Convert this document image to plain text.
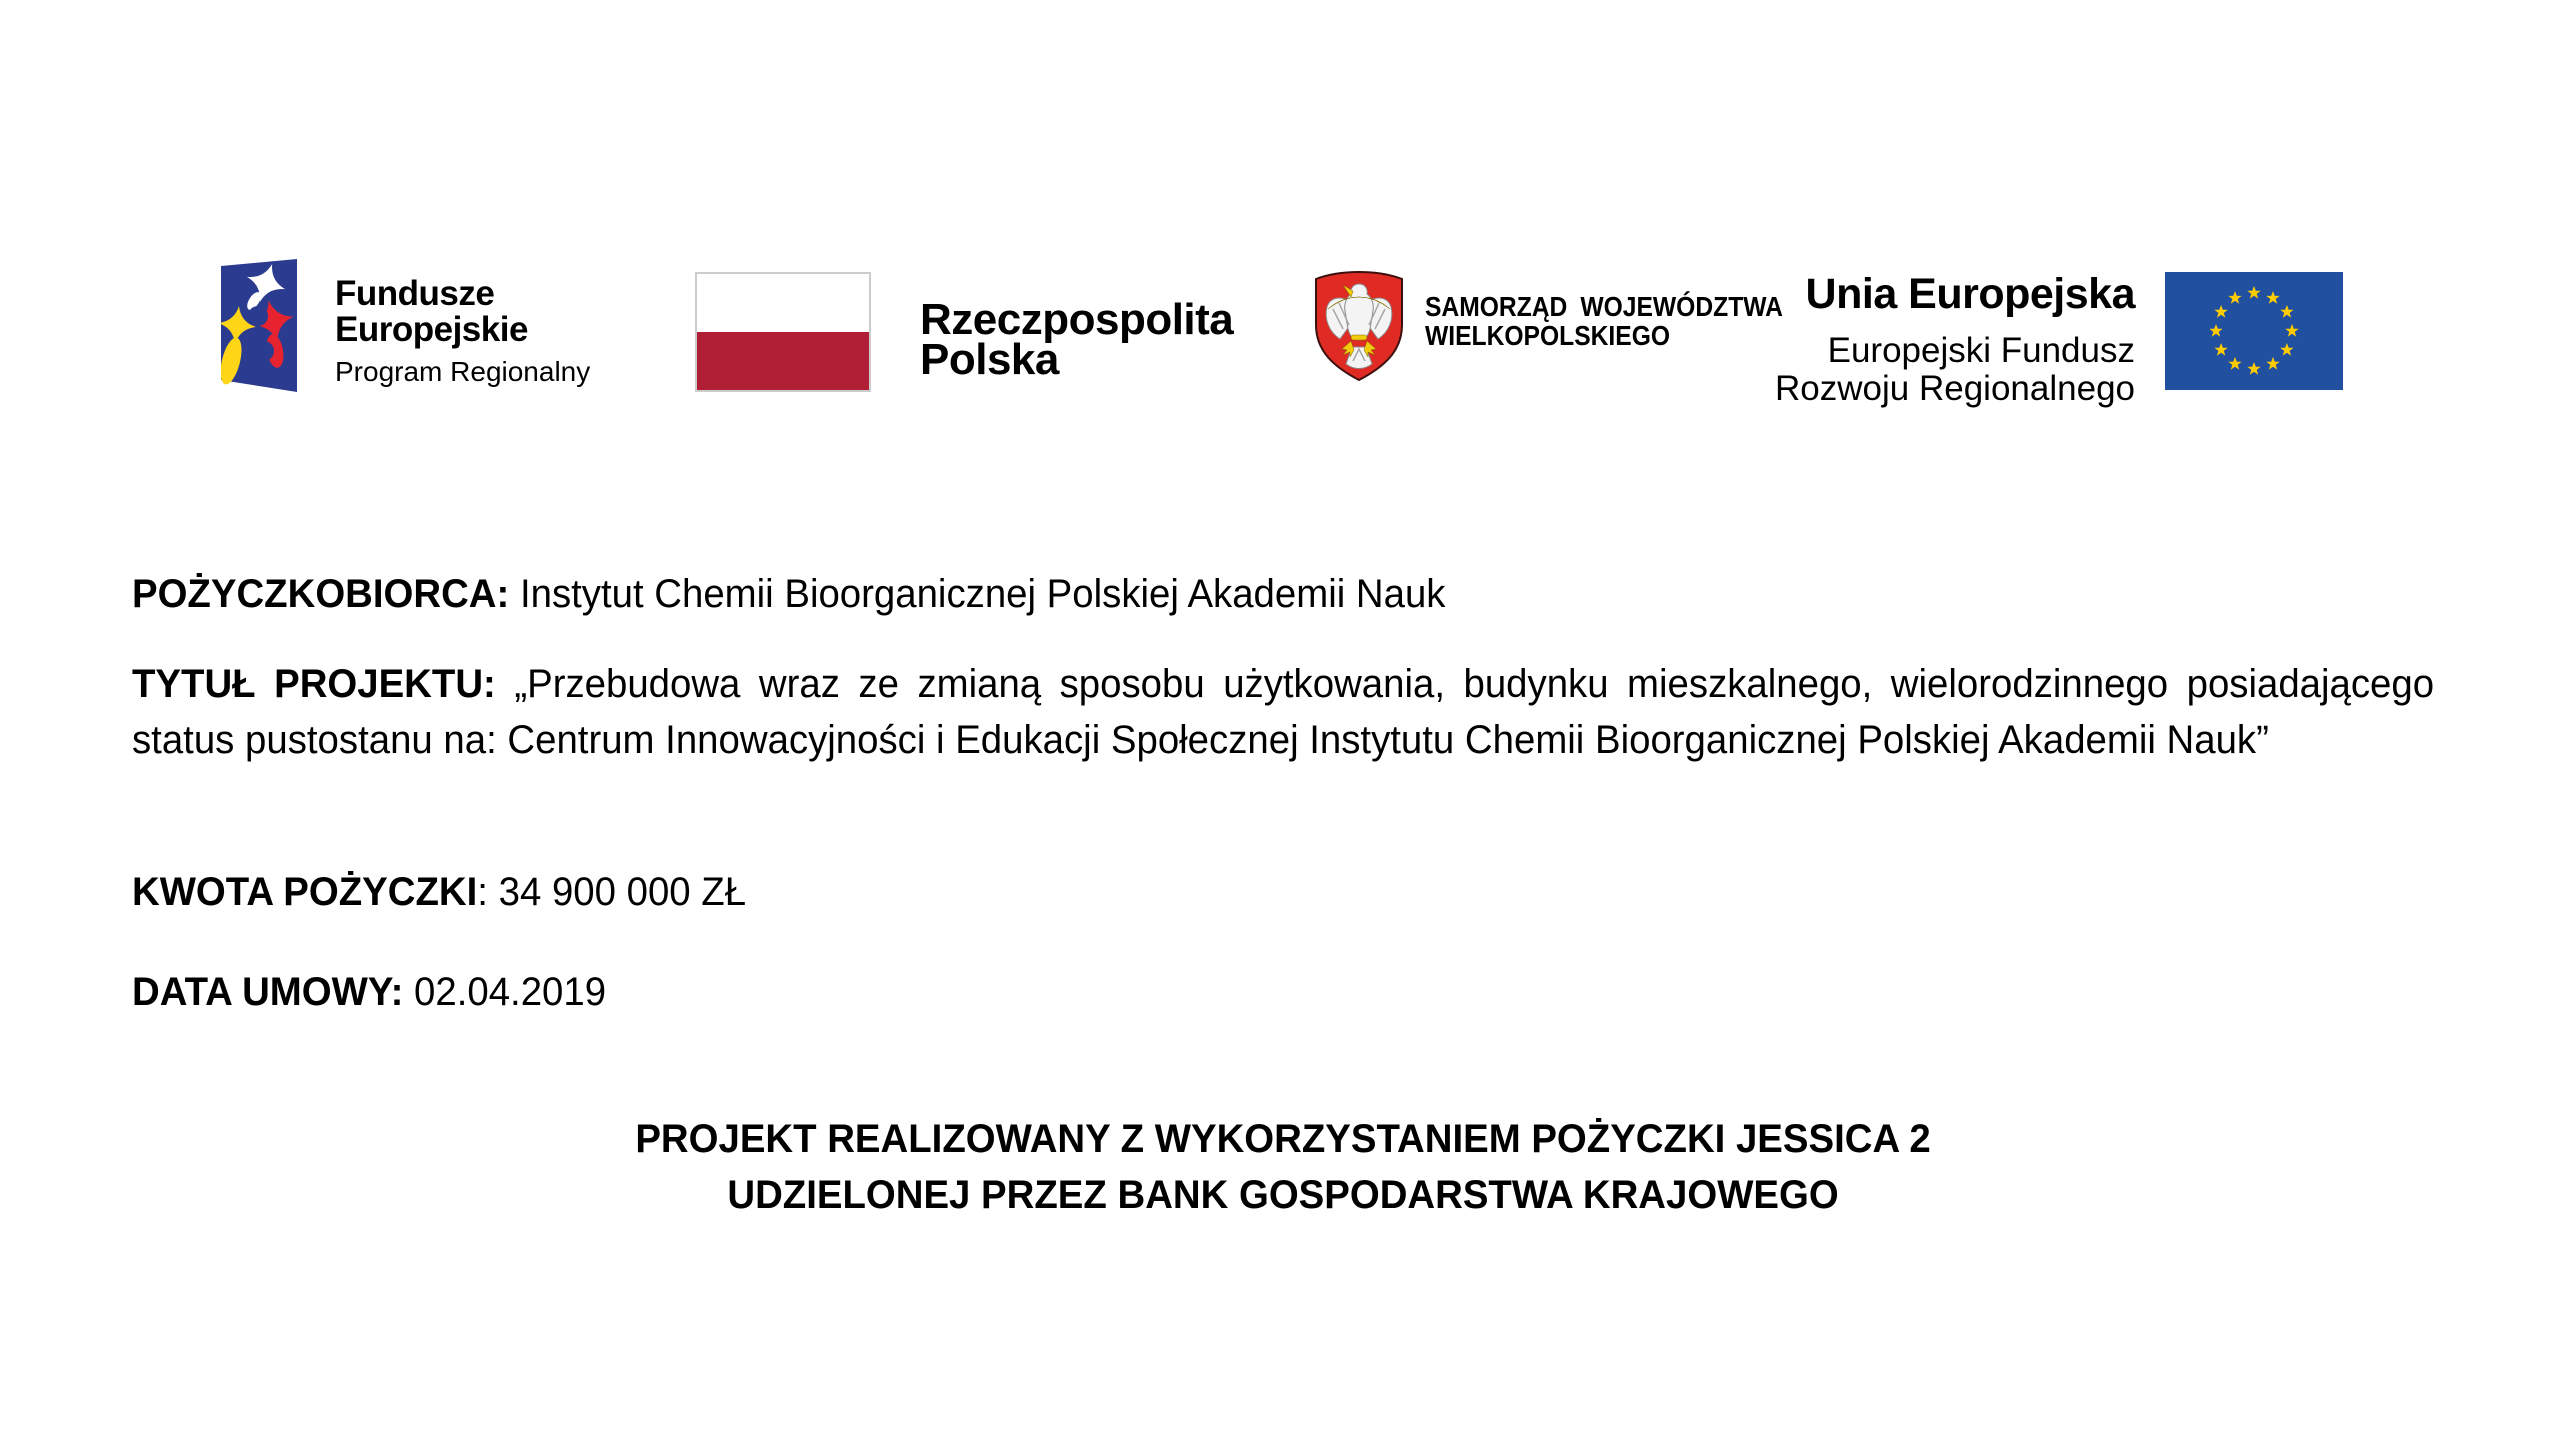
Fundusze
Europejskie
Program Regionalny
Rzeczpospolita
Polska
SAMORZĄD WOJEWÓDZTWA
WIELKOPOLSKIEGO
Unia Europejska
Europejski Fundusz
Rozwoju Regionalnego

POŻYCZKOBIORCA: Instytut Chemii Bioorganicznej Polskiej Akademii Nauk

TYTUŁ PROJEKTU: „Przebudowa wraz ze zmianą sposobu użytkowania, budynku mieszkalnego, wielorodzinnego posiadającego status pustostanu na: Centrum Innowacyjności i Edukacji Społecznej Instytutu Chemii Bioorganicznej Polskiej Akademii Nauk”

KWOTA POŻYCZKI: 34 900 000 ZŁ

DATA UMOWY: 02.04.2019

PROJEKT REALIZOWANY Z WYKORZYSTANIEM POŻYCZKI JESSICA 2
UDZIELONEJ PRZEZ BANK GOSPODARSTWA KRAJOWEGO
